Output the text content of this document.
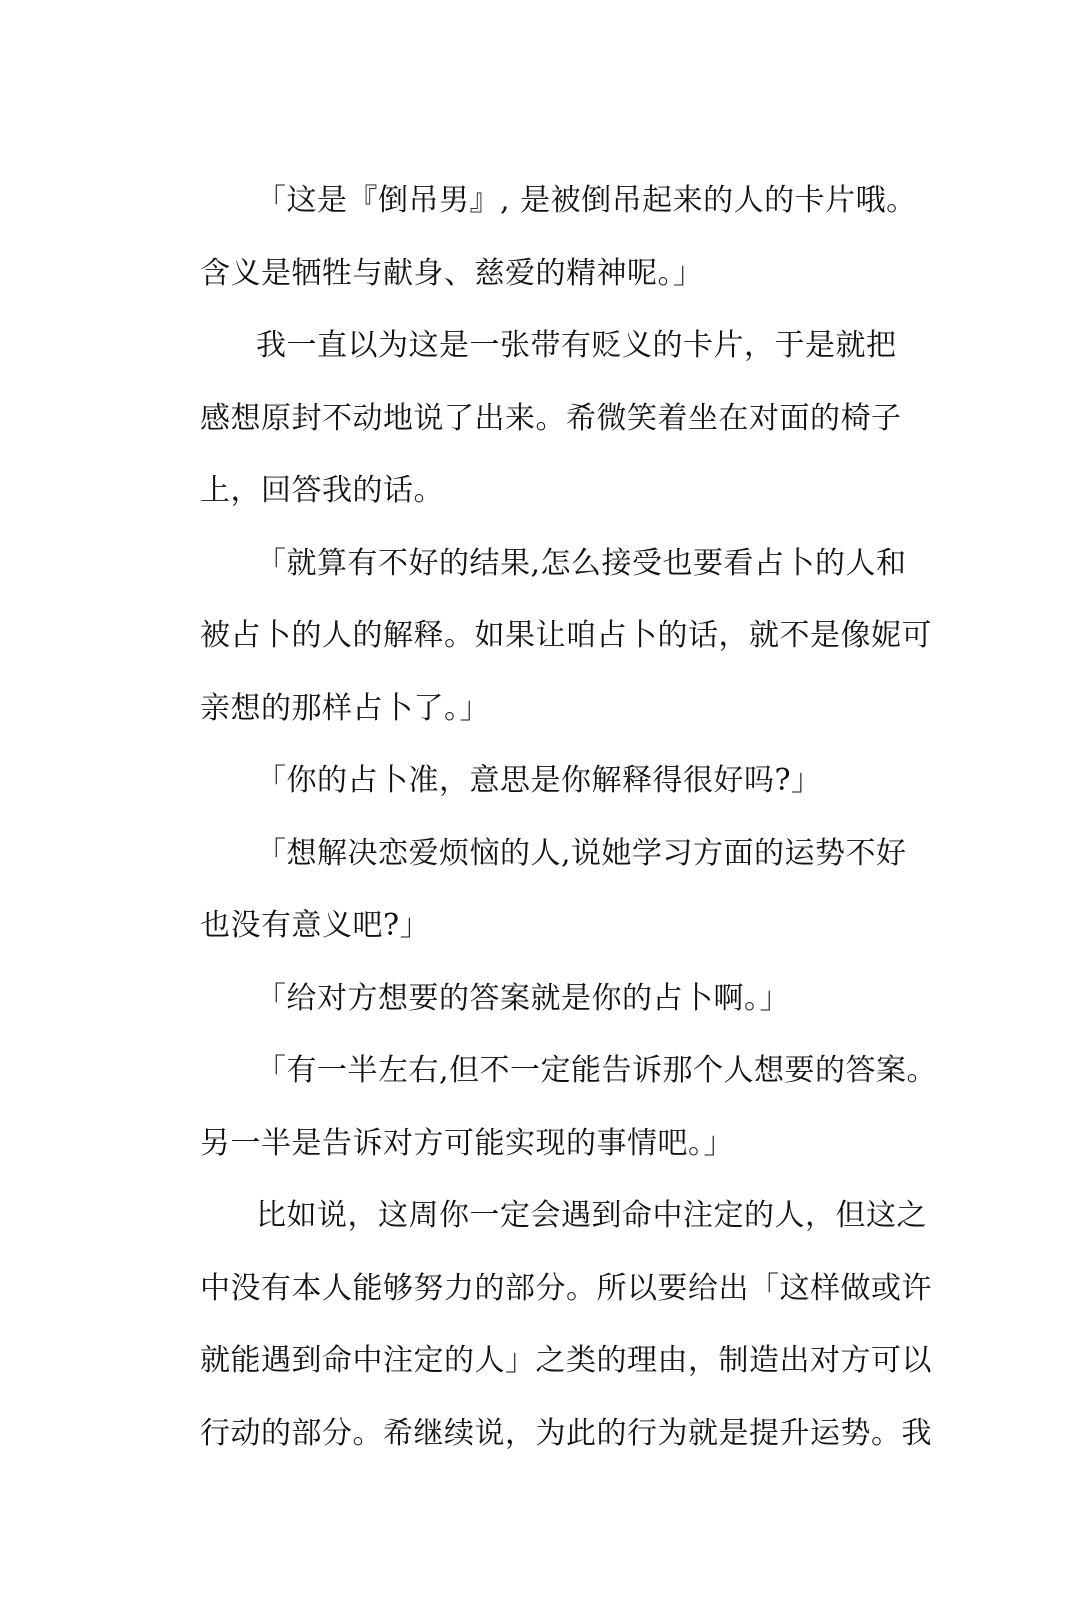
「这是『倒吊男』, 是被倒吊起来的人的卡片哦。
含义是牺牲与献身、慈爱的精神呢。」
我一直以为这是一张带有贬义的卡片，于是就把
感想原封不动地说了出来。希微笑着坐在对面的椅子
上，回答我的话。
「就算有不好的结果,怎么接受也要看占卜的人和
被占卜的人的解释。如果让咱占卜的话，就不是像妮可
亲想的那样占卜了。」
「你的占卜准，意思是你解释得很好吗?」
「想解决恋爱烦恼的人,说她学习方面的运势不好
也没有意义吧?」
「给对方想要的答案就是你的占卜啊。」
「有一半左右,但不一定能告诉那个人想要的答案。
另一半是告诉对方可能实现的事情吧。」
比如说，这周你一定会遇到命中注定的人，但这之
中没有本人能够努力的部分。所以要给出「这样做或许
就能遇到命中注定的人」之类的理由，制造出对方可以
行动的部分。希继续说，为此的行为就是提升运势。我
